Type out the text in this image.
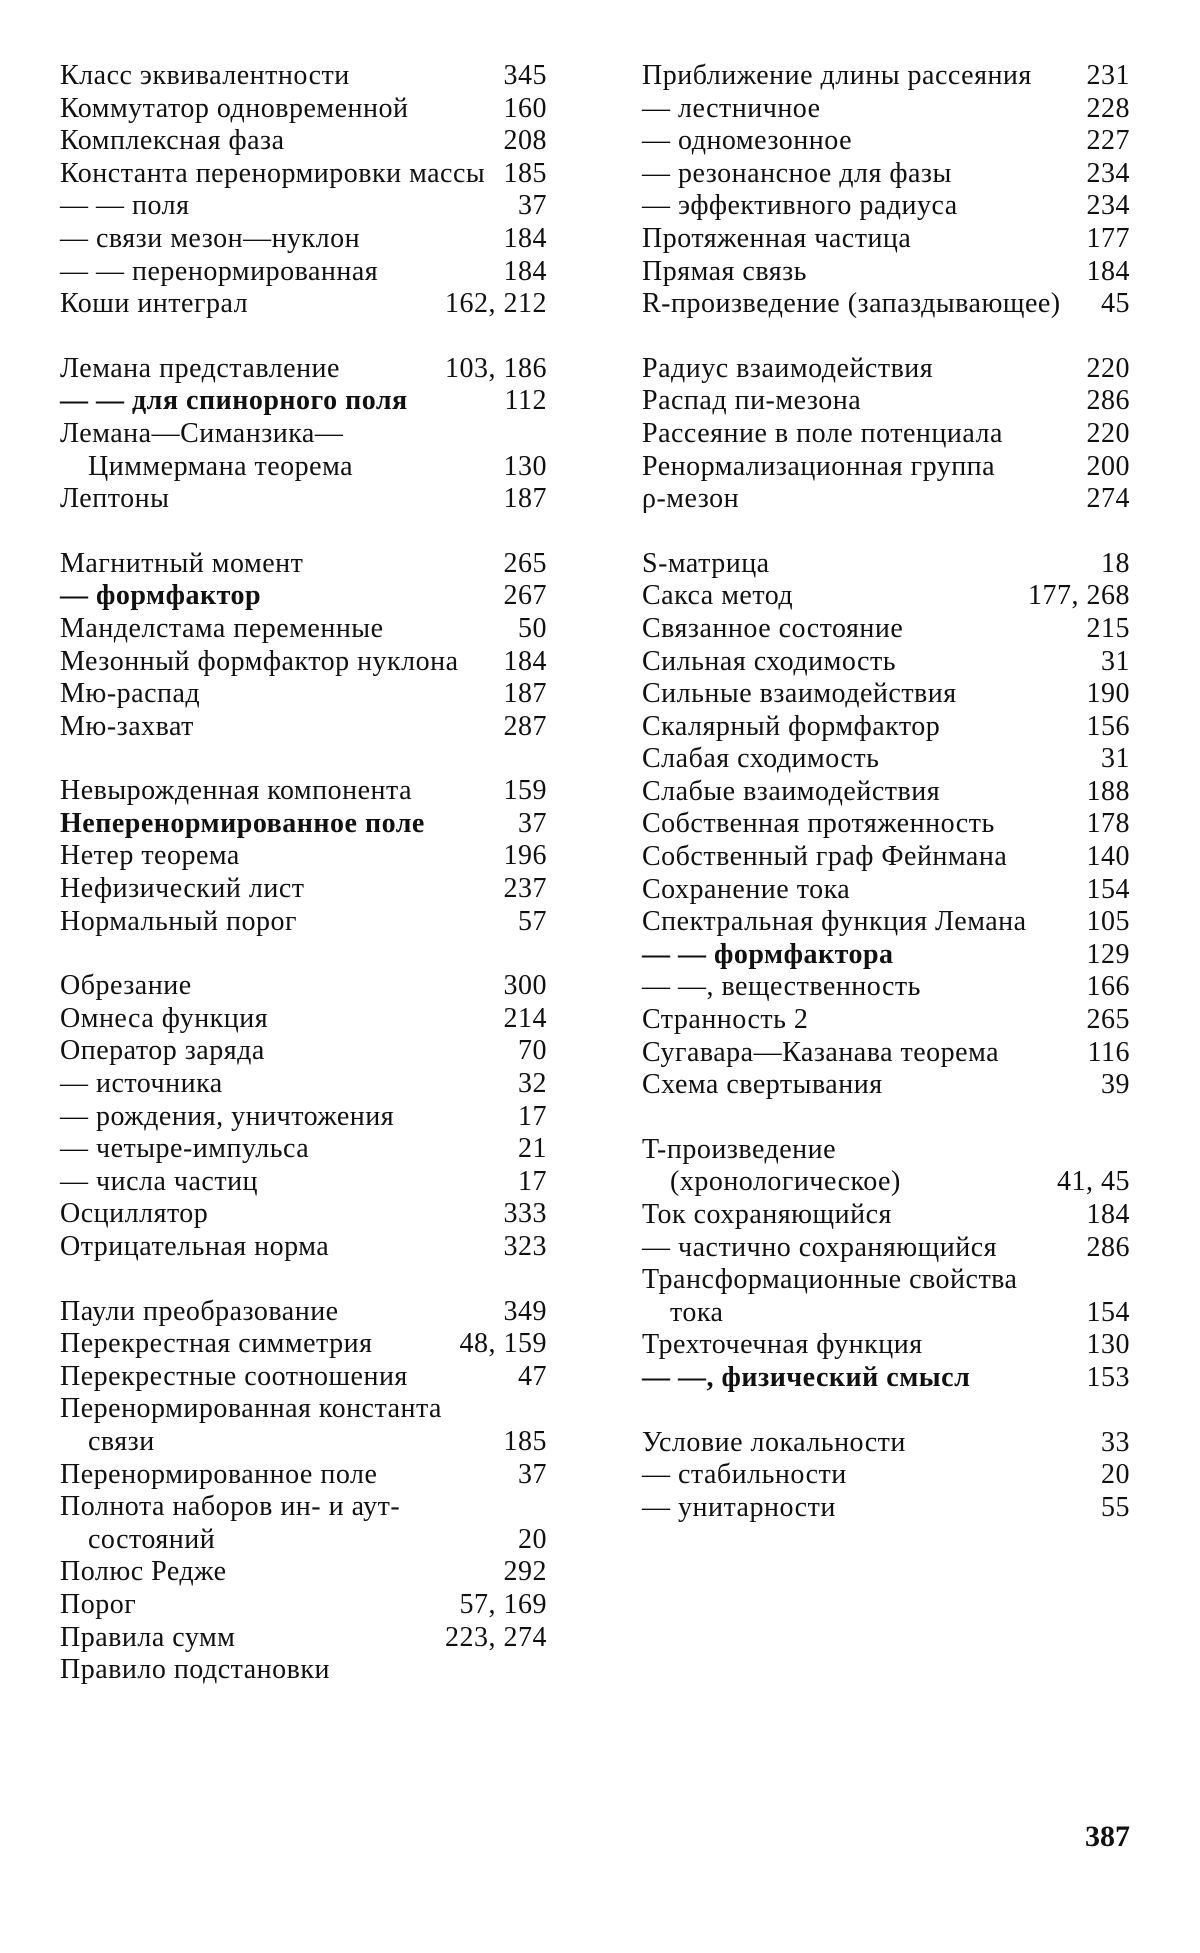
Класс эквивалентности	345
Коммутатор одновременной	160
Комплексная фаза	208
Константа перенормировки массы 185
— — поля	37
— связи мезон—нуклон	184
— — перенормированная	184
Коши интеграл	162, 212
Лемана представление	103, 186
— — для спинорного поля	112
Лемана—Симанзика—Циммермана теорема	130
Лептоны	187
Магнитный момент	265
— формфактор	267
Манделстама переменные	50
Мезонный формфактор нуклона	184
Мю-распад	187
Мю-захват	287
Невырожденная компонента	159
Неперенормированное поле	37
Нетер теорема	196
Нефизический лист	237
Нормальный порог	57
Обрезание	300
Омнеса функция	214
Оператор заряда	70
— источника	32
— рождения, уничтожения	17
— четыре-импульса	21
— числа частиц	17
Осциллятор	333
Отрицательная норма	323
Паули преобразование	349
Перекрестная симметрия	48, 159
Перекрестные соотношения	47
Перенормированная константа связи	185
Перенормированное поле	37
Полнота наборов ин- и аут-состояний	20
Полюс Редже	292
Порог	57, 169
Правила сумм	223, 274
Правило подстановки
Приближение длины рассеяния	231
— лестничное	228
— одномезонное	227
— резонансное для фазы	234
— эффективного радиуса	234
Протяженная частица	177
Прямая связь	184
R-произведение (запаздывающее)	45
Радиус взаимодействия	220
Распад пи-мезона	286
Рассеяние в поле потенциала	220
Ренормализационная группа	200
ρ-мезон	274
S-матрица	18
Сакса метод	177, 268
Связанное состояние	215
Сильная сходимость	31
Сильные взаимодействия	190
Скалярный формфактор	156
Слабая сходимость	31
Слабые взаимодействия	188
Собственная протяженность	178
Собственный граф Фейнмана	140
Сохранение тока	154
Спектральная функция Лемана	105
— — формфактора	129
— —, вещественность	166
Странность 2	265
Сугавара—Казанава теорема	116
Схема свертывания	39
T-произведение (хронологическое)	41, 45
Ток сохраняющийся	184
— частично сохраняющийся	286
Трансформационные свойства тока	154
Трехточечная функция	130
— —, физический смысл	153
Условие локальности	33
— стабильности	20
— унитарности	55
387
